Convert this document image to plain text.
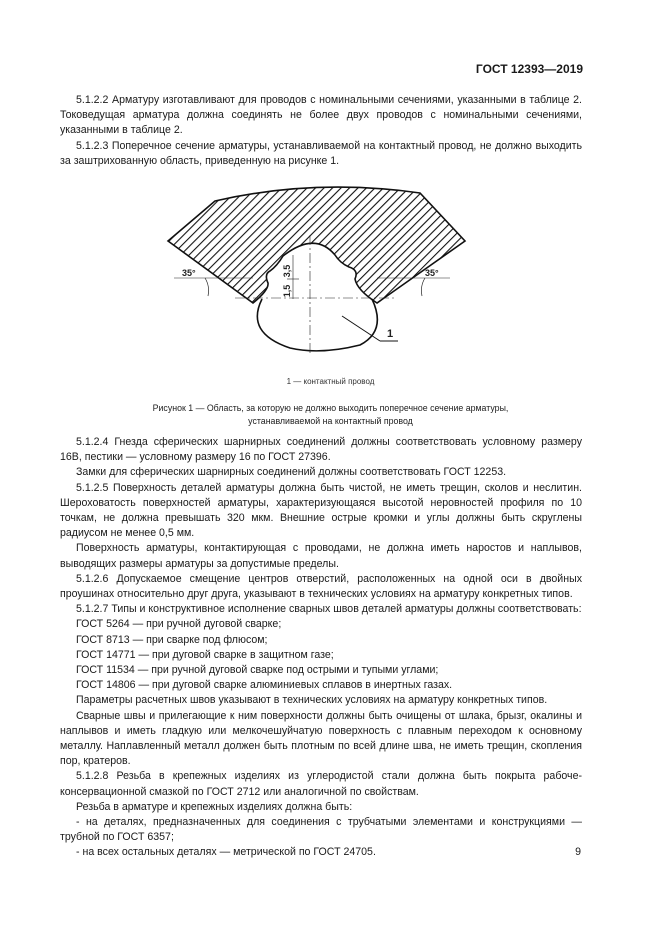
ГОСТ 12393—2019

5.1.2.2 Арматуру изготавливают для проводов с номинальными сечениями, указанными в таблице 2. Токоведущая арматура должна соединять не более двух проводов с номинальными сечениями, указанными в таблице 2.

5.1.2.3 Поперечное сечение арматуры, устанавливаемой на контактный провод, не должно выходить за заштрихованную область, приведенную на рисунке 1.

3,5
1,5
35°	35°
1
1 — контактный провод
Рисунок 1 — Область, за которую не должно выходить поперечное сечение арматуры,
устанавливаемой на контактный провод

5.1.2.4 Гнезда сферических шарнирных соединений должны соответствовать условному размеру 16В, пестики — условному размеру 16 по ГОСТ 27396.

Замки для сферических шарнирных соединений должны соответствовать ГОСТ 12253.

5.1.2.5 Поверхность деталей арматуры должна быть чистой, не иметь трещин, сколов и неслитин. Шероховатость поверхностей арматуры, характеризующаяся высотой неровностей профиля по 10 точкам, не должна превышать 320 мкм. Внешние острые кромки и углы должны быть скруглены радиусом не менее 0,5 мм.

Поверхность арматуры, контактирующая с проводами, не должна иметь наростов и наплывов, выводящих размеры арматуры за допустимые пределы.

5.1.2.6 Допускаемое смещение центров отверстий, расположенных на одной оси в двойных проушинах относительно друг друга, указывают в технических условиях на арматуру конкретных типов.

5.1.2.7 Типы и конструктивное исполнение сварных швов деталей арматуры должны соответствовать:

ГОСТ 5264 — при ручной дуговой сварке;

ГОСТ 8713 — при сварке под флюсом;

ГОСТ 14771 — при дуговой сварке в защитном газе;

ГОСТ 11534 — при ручной дуговой сварке под острыми и тупыми углами;

ГОСТ 14806 — при дуговой сварке алюминиевых сплавов в инертных газах.

Параметры расчетных швов указывают в технических условиях на арматуру конкретных типов.

Сварные швы и прилегающие к ним поверхности должны быть очищены от шлака, брызг, окалины и наплывов и иметь гладкую или мелкочешуйчатую поверхность с плавным переходом к основному металлу. Наплавленный металл должен быть плотным по всей длине шва, не иметь трещин, скопления пор, кратеров.

5.1.2.8 Резьба в крепежных изделиях из углеродистой стали должна быть покрыта рабоче-консервационной смазкой по ГОСТ 2712 или аналогичной по свойствам.

Резьба в арматуре и крепежных изделиях должна быть:

- на деталях, предназначенных для соединения с трубчатыми элементами и конструкциями — трубной по ГОСТ 6357;

- на всех остальных деталях — метрической по ГОСТ 24705.	9
